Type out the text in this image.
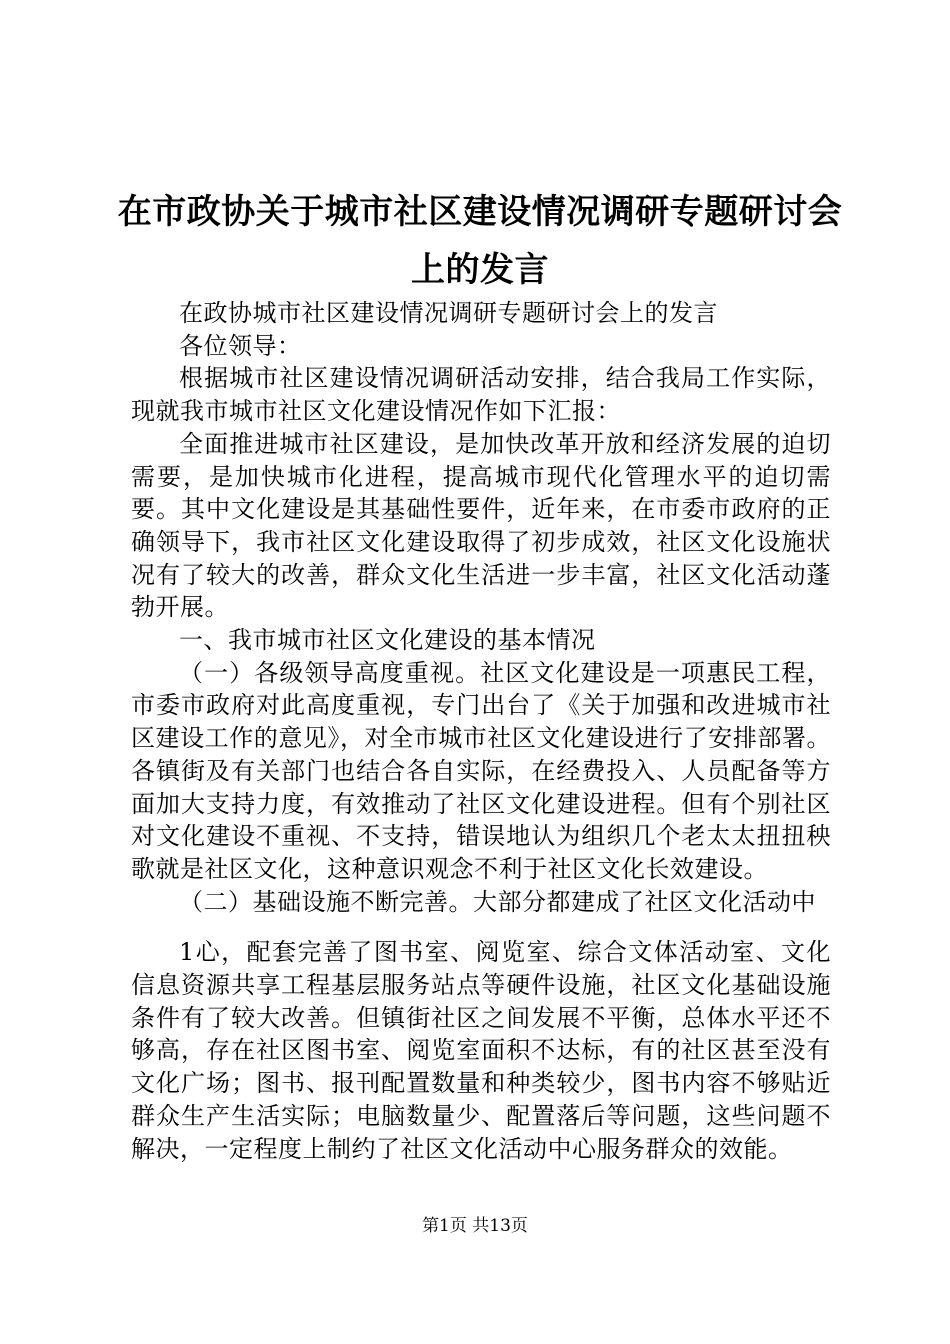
在市政协关于城市社区建设情况调研专题研讨会上的发言

在政协城市社区建设情况调研专题研讨会上的发言

各位领导：

根据城市社区建设情况调研活动安排，结合我局工作实际，现就我市城市社区文化建设情况作如下汇报：

全面推进城市社区建设，是加快改革开放和经济发展的迫切需要，是加快城市化进程，提高城市现代化管理水平的迫切需要。其中文化建设是其基础性要件，近年来，在市委市政府的正确领导下，我市社区文化建设取得了初步成效，社区文化设施状况有了较大的改善，群众文化生活进一步丰富，社区文化活动蓬勃开展。

一、我市城市社区文化建设的基本情况

（一）各级领导高度重视。社区文化建设是一项惠民工程，市委市政府对此高度重视，专门出台了《关于加强和改进城市社区建设工作的意见》，对全市城市社区文化建设进行了安排部署。各镇街及有关部门也结合各自实际，在经费投入、人员配备等方面加大支持力度，有效推动了社区文化建设进程。但有个别社区对文化建设不重视、不支持，错误地认为组织几个老太太扭扭秧歌就是社区文化，这种意识观念不利于社区文化长效建设。

（二）基础设施不断完善。大部分都建成了社区文化活动中

1心，配套完善了图书室、阅览室、综合文体活动室、文化信息资源共享工程基层服务站点等硬件设施，社区文化基础设施条件有了较大改善。但镇街社区之间发展不平衡，总体水平还不够高，存在社区图书室、阅览室面积不达标，有的社区甚至没有文化广场；图书、报刊配置数量和种类较少，图书内容不够贴近群众生产生活实际；电脑数量少、配置落后等问题，这些问题不解决，一定程度上制约了社区文化活动中心服务群众的效能。

第1页 共13页
